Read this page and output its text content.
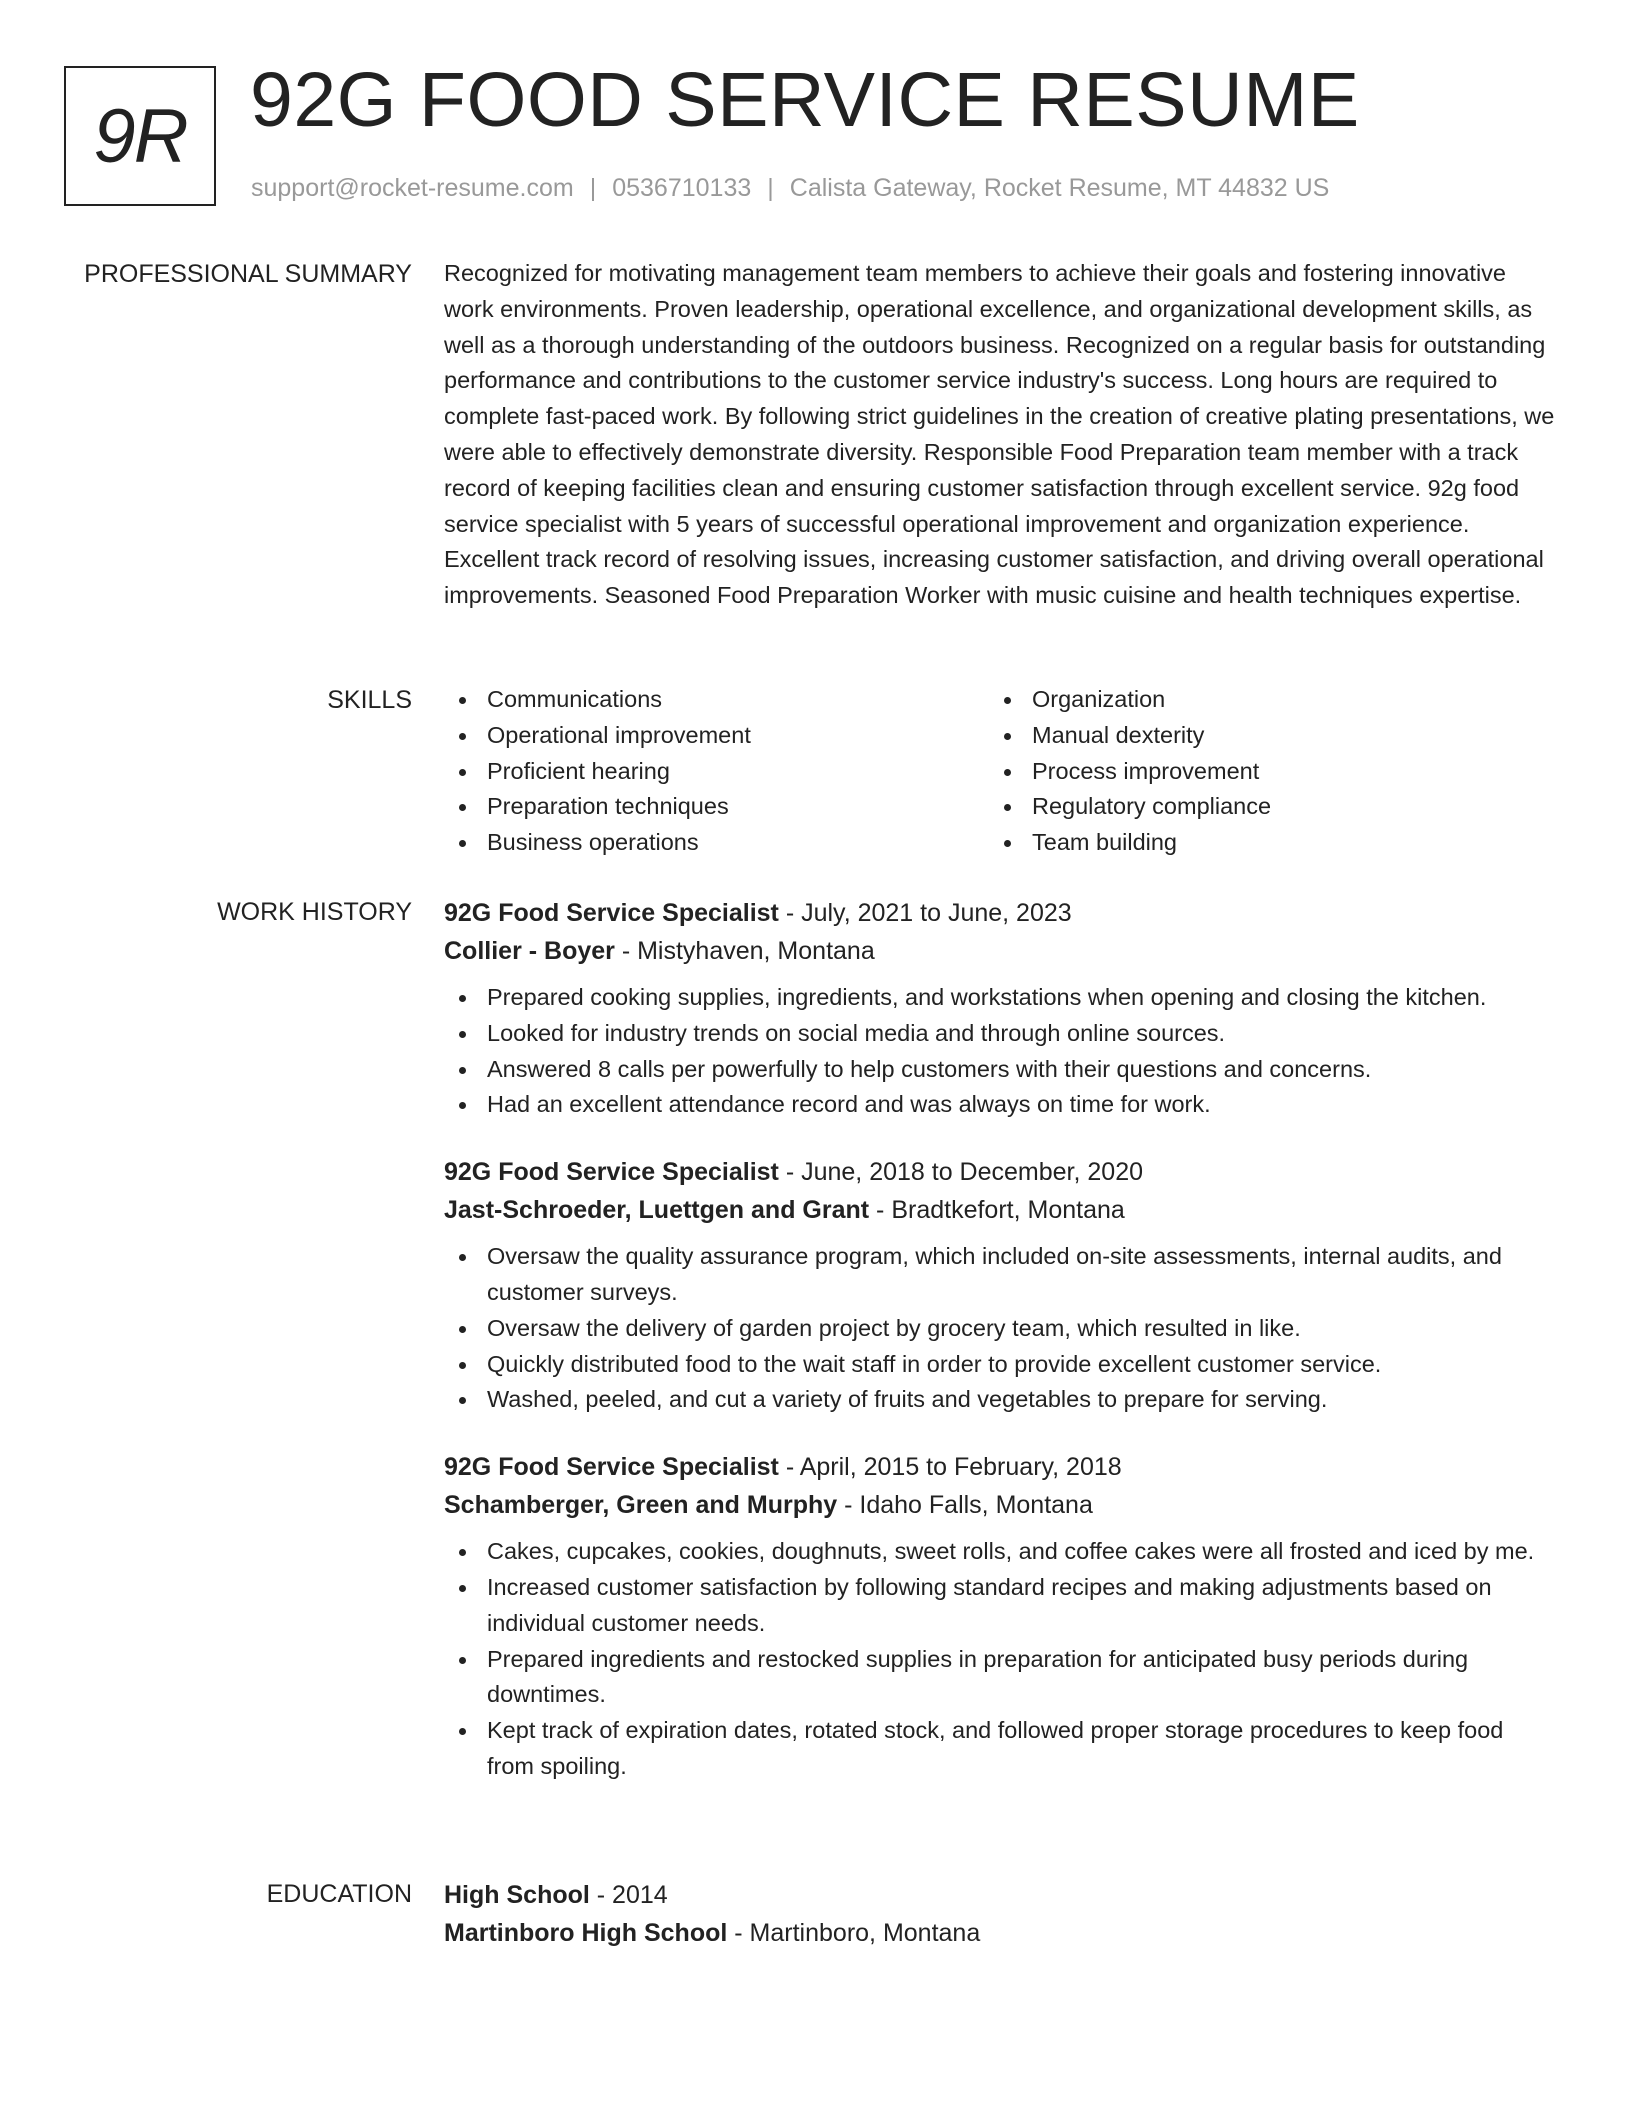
9R 92G FOOD SERVICE RESUME
support@rocket-resume.com | 0536710133 | Calista Gateway, Rocket Resume, MT 44832 US
PROFESSIONAL SUMMARY Recognized for motivating management team members to achieve their goals and fostering innovative work environments. Proven leadership, operational excellence, and organizational development skills, as well as a thorough understanding of the outdoors business. Recognized on a regular basis for outstanding performance and contributions to the customer service industry's success. Long hours are required to complete fast-paced work. By following strict guidelines in the creation of creative plating presentations, we were able to effectively demonstrate diversity. Responsible Food Preparation team member with a track record of keeping facilities clean and ensuring customer satisfaction through excellent service. 92g food service specialist with 5 years of successful operational improvement and organization experience. Excellent track record of resolving issues, increasing customer satisfaction, and driving overall operational improvements. Seasoned Food Preparation Worker with music cuisine and health techniques expertise.

SKILLS	Communications
Operational improvement
Proficient hearing
Preparation techniques
Business operations
Organization
Manual dexterity
Process improvement
Regulatory compliance
Team building
WORK HISTORY 92G Food Service Specialist - July, 2021 to June, 2023
Collier - Boyer - Mistyhaven, Montana
Prepared cooking supplies, ingredients, and workstations when opening and closing the kitchen.
Looked for industry trends on social media and through online sources.
Answered 8 calls per powerfully to help customers with their questions and concerns.
Had an excellent attendance record and was always on time for work.
92G Food Service Specialist - June, 2018 to December, 2020
Jast-Schroeder, Luettgen and Grant - Bradtkefort, Montana
Oversaw the quality assurance program, which included on-site assessments, internal audits, and customer surveys.
Oversaw the delivery of garden project by grocery team, which resulted in like.
Quickly distributed food to the wait staff in order to provide excellent customer service.
Washed, peeled, and cut a variety of fruits and vegetables to prepare for serving.
92G Food Service Specialist - April, 2015 to February, 2018
Schamberger, Green and Murphy - Idaho Falls, Montana
Cakes, cupcakes, cookies, doughnuts, sweet rolls, and coffee cakes were all frosted and iced by me.
Increased customer satisfaction by following standard recipes and making adjustments based on individual customer needs.
Prepared ingredients and restocked supplies in preparation for anticipated busy periods during downtimes.
Kept track of expiration dates, rotated stock, and followed proper storage procedures to keep food from spoiling.
EDUCATION High School - 2014
Martinboro High School - Martinboro, Montana
